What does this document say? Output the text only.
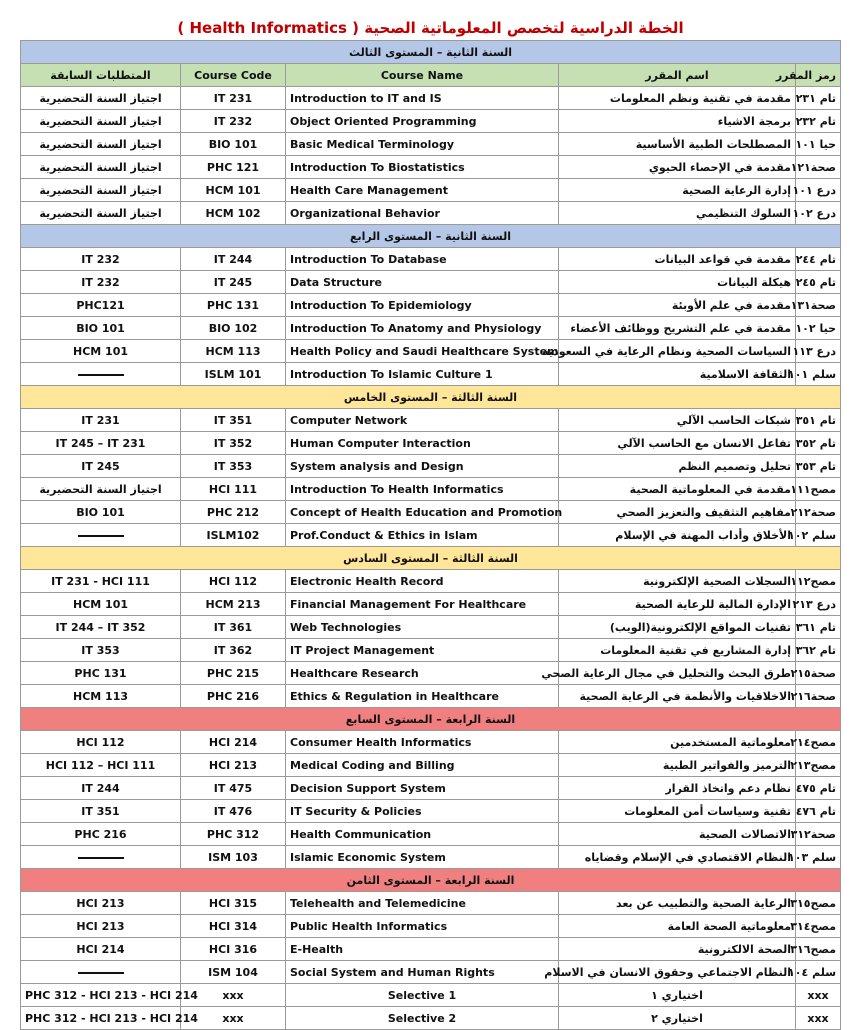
الخطة الدراسية لتخصص المعلوماتية الصحية ( Health Informatics )
السنة الثانية – المستوى الثالث				
المتطلبات السابقة	Course Code	Course Name	اسم المقرر	رمز المقرر
اجتياز السنة التحضيرية	IT 231	Introduction to IT and IS	مقدمة في تقنية ونظم المعلومات	تام ٢٣١
اجتياز السنة التحضيرية	IT 232	Object Oriented Programming	برمجة الاشياء	تام ٢٣٢
اجتياز السنة التحضيرية	BIO 101	Basic Medical Terminology	المصطلحات الطبية الأساسية	حيا ١٠١
اجتياز السنة التحضيرية	PHC 121	Introduction To Biostatistics	مقدمة في الإحصاء الحيوي	صحة١٢١
اجتياز السنة التحضيرية	HCM 101	Health Care Management	إدارة الرعاية الصحية	درع ١٠١
اجتياز السنة التحضيرية	HCM 102	Organizational Behavior	السلوك التنظيمي	درع ١٠٢
السنة الثانية – المستوى الرابع				
IT 232	IT 244	Introduction To Database	مقدمة في قواعد البيانات	تام ٢٤٤
IT 232	IT 245	Data Structure	هيكلة البيانات	تام ٢٤٥
PHC121	PHC 131	Introduction To Epidemiology	مقدمة في علم الأوبئة	صحة١٣١
BIO 101	BIO 102	Introduction To Anatomy and Physiology	مقدمة في علم التشريح ووظائف الأعضاء	حيا ١٠٢
HCM 101	HCM 113	Health Policy and Saudi Healthcare System	السياسات الصحية ونظام الرعاية في السعودية	درع ١١٣
	ISLM 101	Introduction To Islamic Culture 1	الثقافة الاسلامية	سلم ١٠١
السنة الثالثة – المستوى الخامس				
IT 231	IT 351	Computer Network	شبكات الحاسب الآلي	تام ٣٥١
IT 245 – IT 231	IT 352	Human Computer Interaction	تفاعل الانسان مع الحاسب الآلي	تام ٣٥٢
IT 245	IT 353	System analysis and Design	تحليل وتصميم النظم	تام ٣٥٣
اجتياز السنة التحضيرية	HCI 111	Introduction To Health Informatics	مقدمة في المعلوماتية الصحية	مصح١١١
BIO 101	PHC 212	Concept of Health Education and Promotion	مفاهيم التثقيف والتعزيز الصحي	صحة٢١٢
	ISLM102	Prof.Conduct & Ethics in Islam	الأخلاق وأداب المهنة في الإسلام	سلم ١٠٢
السنة الثالثة – المستوى السادس				
IT 231 - HCI 111	HCI 112	Electronic Health Record	السجلات الصحية الإلكترونية	مصح١١٢
HCM 101	HCM 213	Financial Management For Healthcare	الإدارة المالية للرعاية الصحية	درع ٢١٣
IT 244 – IT 352	IT 361	Web Technologies	تقنيات المواقع الإلكترونية(الويب)	تام ٣٦١
IT 353	IT 362	IT Project Management	إدارة المشاريع في تقنية المعلومات	تام ٣٦٢
PHC 131	PHC 215	Healthcare Research	طرق البحث والتحليل في مجال الرعاية الصحي	صحة٢١٥
HCM 113	PHC 216	Ethics & Regulation in Healthcare	الاخلاقيات والأنظمة في الرعاية الصحية	صحة٢١٦
السنة الرابعة – المستوى السابع				
HCI 112	HCI 214	Consumer Health Informatics	معلوماتية المستخدمين	مصح٢١٤
HCI 112 – HCI 111	HCI 213	Medical Coding and Billing	الترميز والفواتير الطبية	مصح٢١٣
IT 244	IT 475	Decision Support System	نظام دعم واتخاذ القرار	تام ٤٧٥
IT 351	IT 476	IT Security & Policies	تقنية وسياسات أمن المعلومات	تام ٤٧٦
PHC 216	PHC 312	Health Communication	الاتصالات الصحية	صحة٣١٢
	ISM 103	Islamic Economic System	النظام الاقتصادي في الإسلام وقضاياه	سلم ١٠٣
السنة الرابعة – المستوى الثامن				
HCI 213	HCI 315	Telehealth and Telemedicine	الرعاية الصحية والتطبيب عن بعد	مصح٣١٥
HCI 213	HCI 314	Public Health Informatics	معلوماتية الصحة العامة	مصح٣١٤
HCI 214	HCI 316	E-Health	الصحة الالكترونية	مصح٣١٦
	ISM 104	Social System and Human Rights	النظام الاجتماعي وحقوق الانسان في الاسلام	سلم ١٠٤
PHC 312 - HCI 213 - HCI 214	xxx	Selective 1	اختياري ١	xxx
PHC 312 - HCI 213 - HCI 214	xxx	Selective 2	اختياري ٢	xxx
